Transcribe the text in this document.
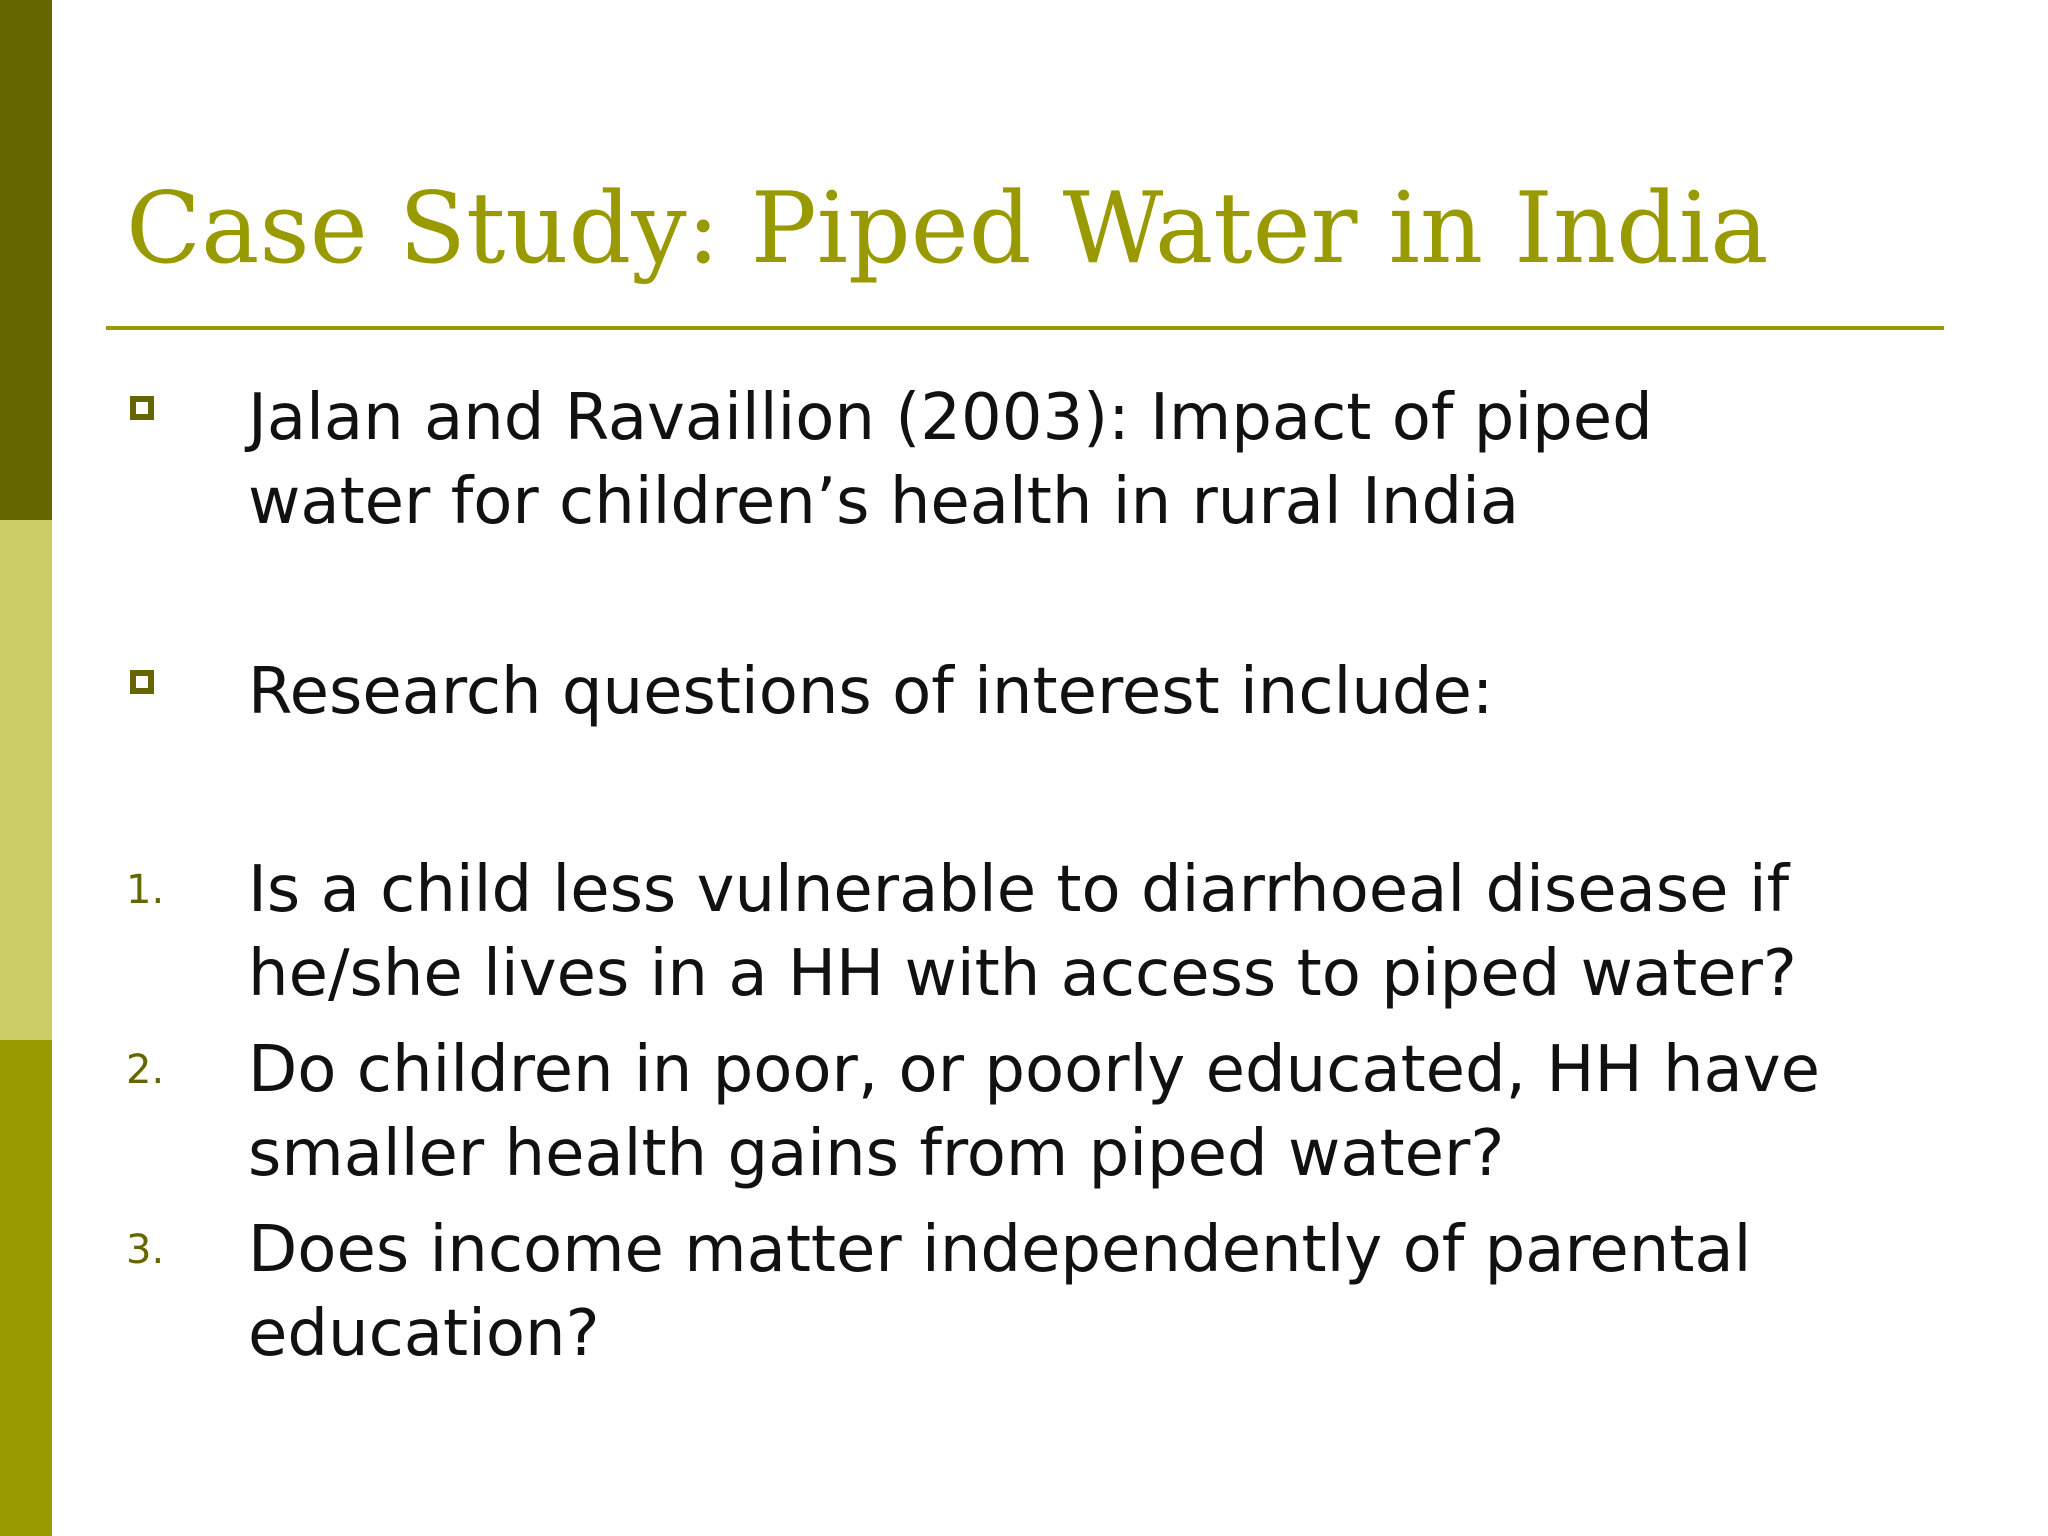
Case Study: Piped Water in India
Jalan and Ravaillion (2003): Impact of piped
water for children’s health in rural India
Research questions of interest include:
1.	Is a child less vulnerable to diarrhoeal disease if
he/she lives in a HH with access to piped water?
2.	Do children in poor, or poorly educated, HH have
smaller health gains from piped water?
3.	Does income matter independently of parental
education?
